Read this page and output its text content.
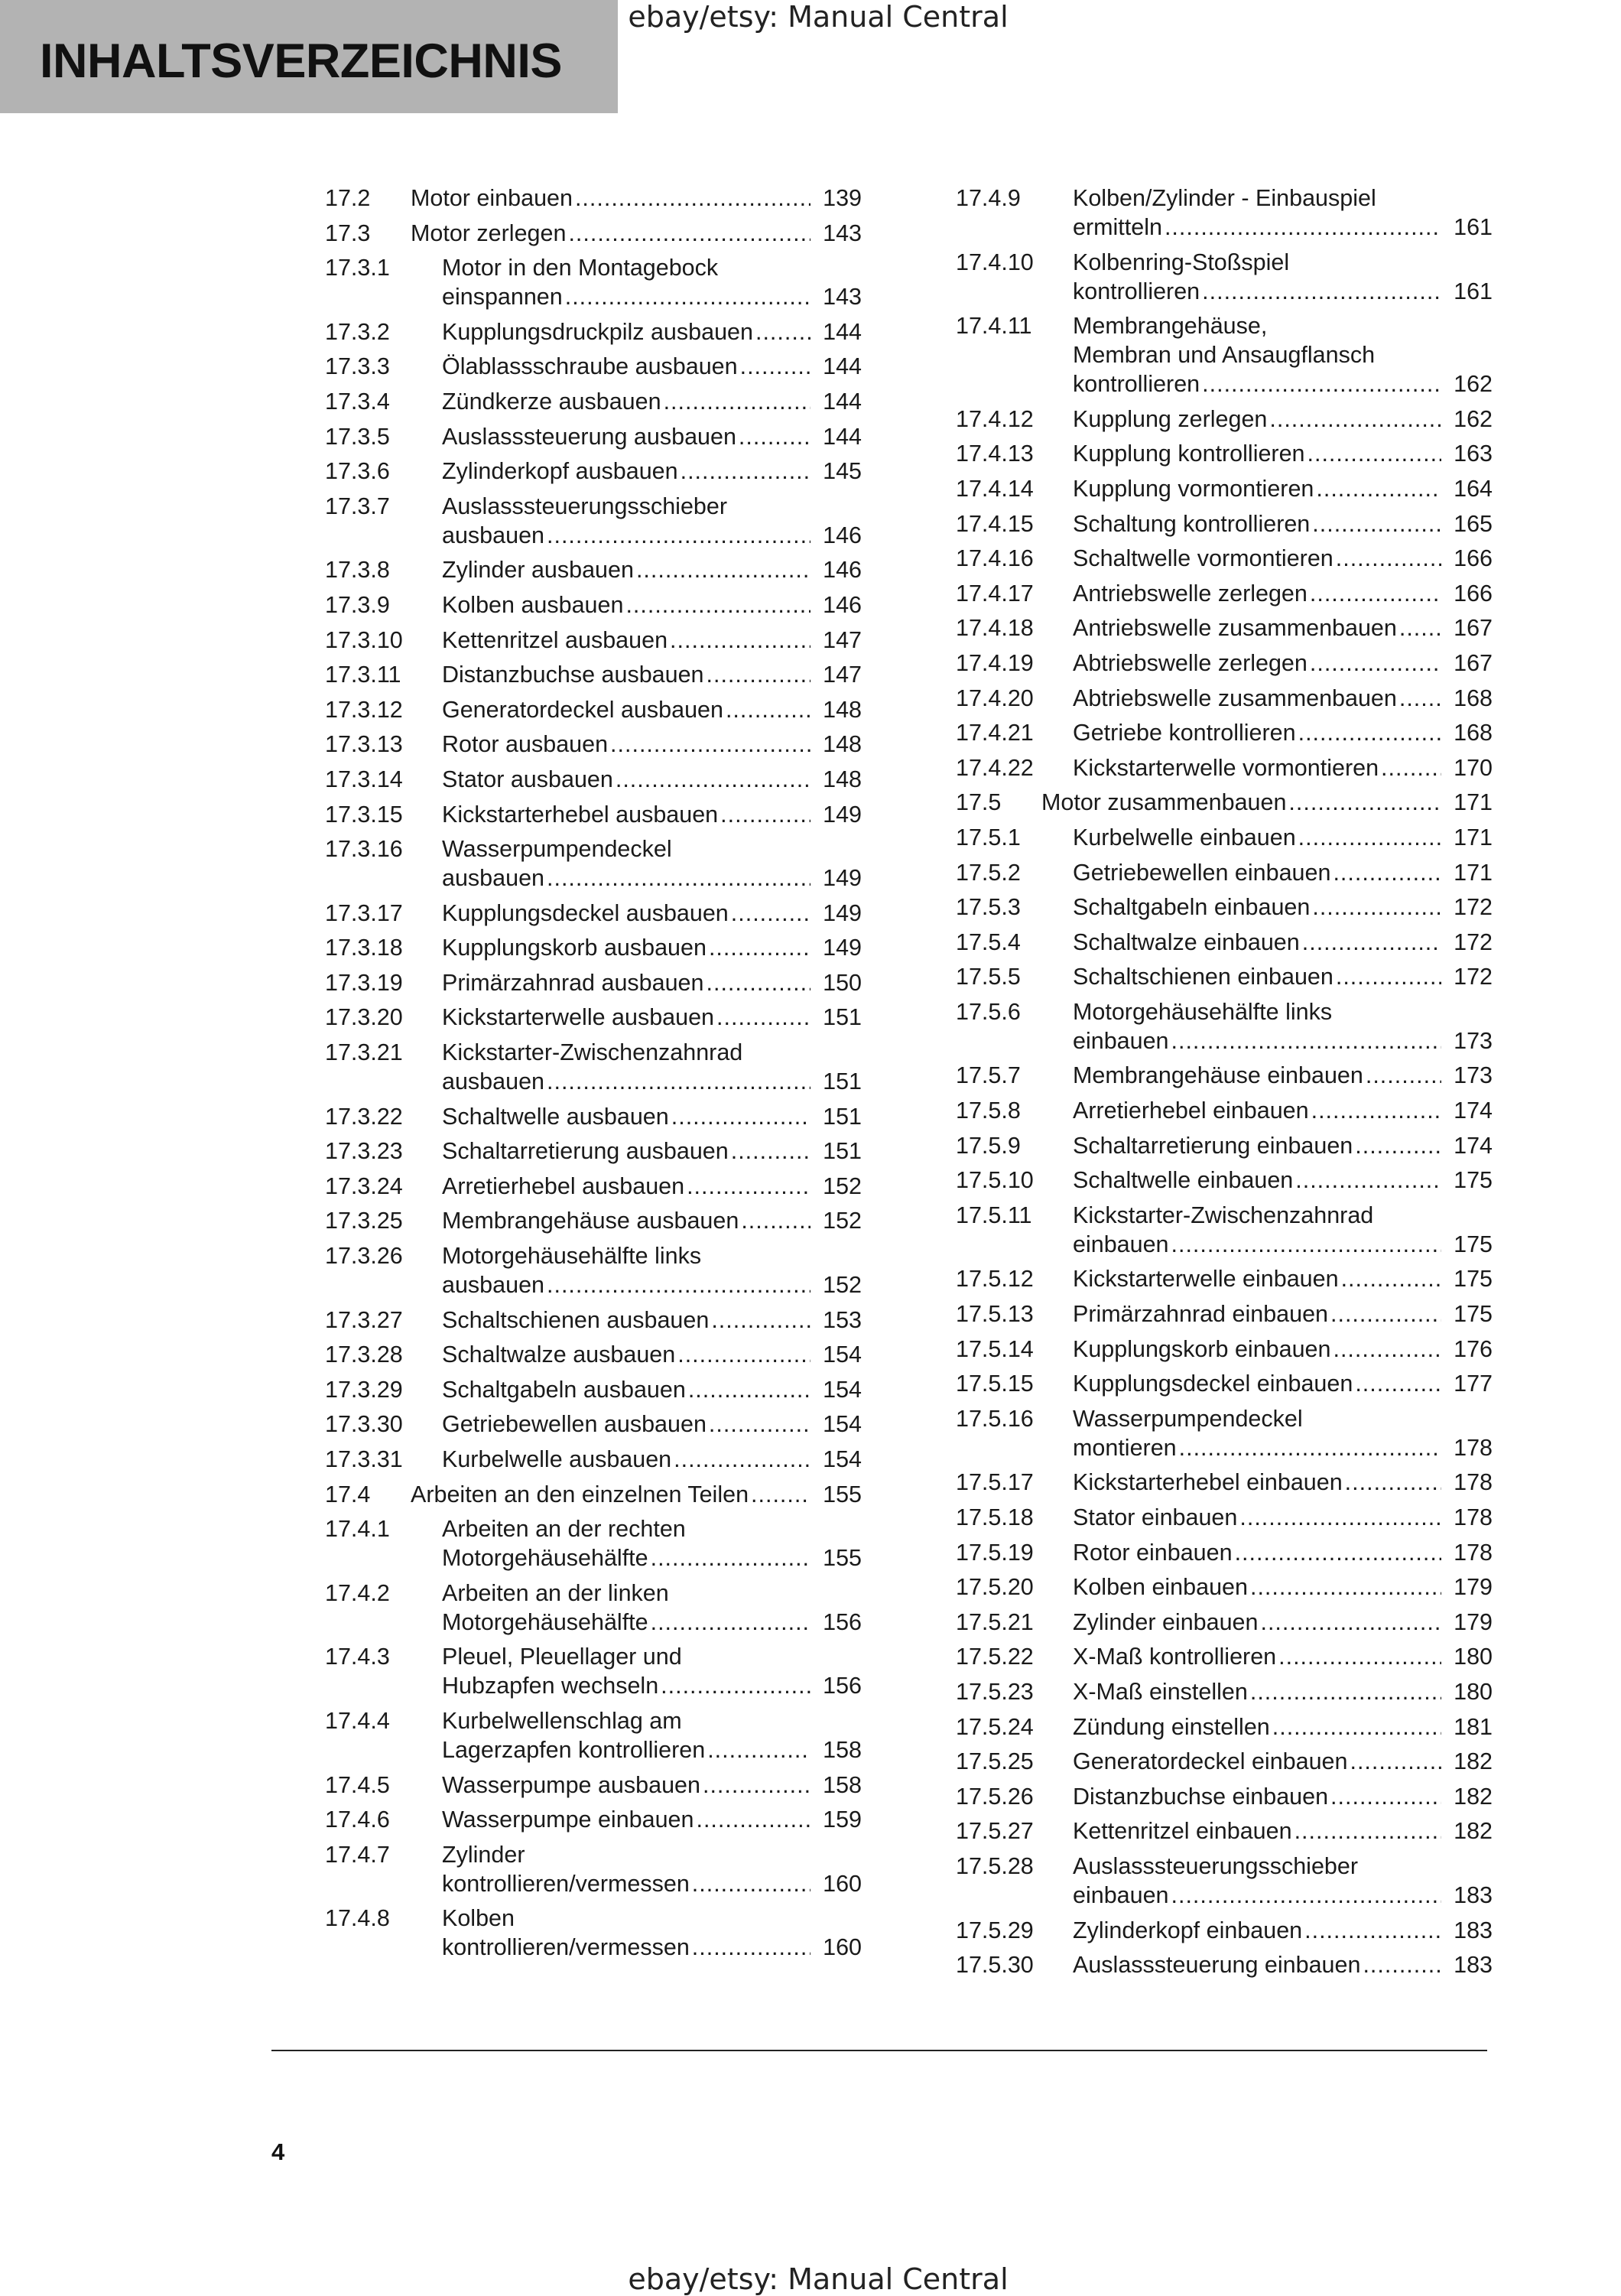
INHALTSVERZEICHNIS
ebay/etsy: Manual Central
17.2 Motor einbauen .....	139
17.3 Motor zerlegen .....	143
17.3.1 Motor in den Montagebock
einspannen .....	143
17.3.2 Kupplungsdruckpilz ausbauen .....	144
17.3.3 Ölablassschraube ausbauen .....	144
17.3.4 Zündkerze ausbauen .....	144
17.3.5 Auslasssteuerung ausbauen .....	144
17.3.6 Zylinderkopf ausbauen .....	145
17.3.7 Auslasssteuerungsschieber
ausbauen .....	146
17.3.8 Zylinder ausbauen .....	146
17.3.9 Kolben ausbauen .....	146
17.3.10 Kettenritzel ausbauen .....	147
17.3.11 Distanzbuchse ausbauen .....	147
17.3.12 Generatordeckel ausbauen .....	148
17.3.13 Rotor ausbauen .....	148
17.3.14 Stator ausbauen .....	148
17.3.15 Kickstarterhebel ausbauen .....	149
17.3.16 Wasserpumpendeckel
ausbauen .....	149
17.3.17 Kupplungsdeckel ausbauen .....	149
17.3.18 Kupplungskorb ausbauen .....	149
17.3.19 Primärzahnrad ausbauen .....	150
17.3.20 Kickstarterwelle ausbauen .....	151
17.3.21 Kickstarter-Zwischenzahnrad
ausbauen .....	151
17.3.22 Schaltwelle ausbauen .....	151
17.3.23 Schaltarretierung ausbauen .....	151
17.3.24 Arretierhebel ausbauen .....	152
17.3.25 Membrangehäuse ausbauen .....	152
17.3.26 Motorgehäusehälfte links
ausbauen .....	152
17.3.27 Schaltschienen ausbauen .....	153
17.3.28 Schaltwalze ausbauen .....	154
17.3.29 Schaltgabeln ausbauen .....	154
17.3.30 Getriebewellen ausbauen .....	154
17.3.31 Kurbelwelle ausbauen .....	154
17.4 Arbeiten an den einzelnen Teilen .....	155
17.4.1 Arbeiten an der rechten
Motorgehäusehälfte .....	155
17.4.2 Arbeiten an der linken
Motorgehäusehälfte .....	156
17.4.3 Pleuel, Pleuellager und
Hubzapfen wechseln .....	156
17.4.4 Kurbelwellenschlag am
Lagerzapfen kontrollieren .....	158
17.4.5 Wasserpumpe ausbauen .....	158
17.4.6 Wasserpumpe einbauen .....	159
17.4.7 Zylinder
kontrollieren/vermessen .....	160
17.4.8 Kolben
kontrollieren/vermessen .....	160
17.4.9 Kolben/Zylinder - Einbauspiel
ermitteln .....	161
17.4.10 Kolbenring-Stoßspiel
kontrollieren .....	161
17.4.11 Membrangehäuse,
Membran und Ansaugflansch
kontrollieren .....	162
17.4.12 Kupplung zerlegen .....	162
17.4.13 Kupplung kontrollieren .....	163
17.4.14 Kupplung vormontieren .....	164
17.4.15 Schaltung kontrollieren .....	165
17.4.16 Schaltwelle vormontieren .....	166
17.4.17 Antriebswelle zerlegen .....	166
17.4.18 Antriebswelle zusammenbauen .....	167
17.4.19 Abtriebswelle zerlegen .....	167
17.4.20 Abtriebswelle zusammenbauen .....	168
17.4.21 Getriebe kontrollieren .....	168
17.4.22 Kickstarterwelle vormontieren .....	170
17.5 Motor zusammenbauen .....	171
17.5.1 Kurbelwelle einbauen .....	171
17.5.2 Getriebewellen einbauen .....	171
17.5.3 Schaltgabeln einbauen .....	172
17.5.4 Schaltwalze einbauen .....	172
17.5.5 Schaltschienen einbauen .....	172
17.5.6 Motorgehäusehälfte links
einbauen .....	173
17.5.7 Membrangehäuse einbauen .....	173
17.5.8 Arretierhebel einbauen .....	174
17.5.9 Schaltarretierung einbauen .....	174
17.5.10 Schaltwelle einbauen .....	175
17.5.11 Kickstarter-Zwischenzahnrad
einbauen .....	175
17.5.12 Kickstarterwelle einbauen .....	175
17.5.13 Primärzahnrad einbauen .....	175
17.5.14 Kupplungskorb einbauen .....	176
17.5.15 Kupplungsdeckel einbauen .....	177
17.5.16 Wasserpumpendeckel
montieren .....	178
17.5.17 Kickstarterhebel einbauen .....	178
17.5.18 Stator einbauen .....	178
17.5.19 Rotor einbauen .....	178
17.5.20 Kolben einbauen .....	179
17.5.21 Zylinder einbauen .....	179
17.5.22 X-Maß kontrollieren .....	180
17.5.23 X-Maß einstellen .....	180
17.5.24 Zündung einstellen .....	181
17.5.25 Generatordeckel einbauen .....	182
17.5.26 Distanzbuchse einbauen .....	182
17.5.27 Kettenritzel einbauen .....	182
17.5.28 Auslasssteuerungsschieber
einbauen .....	183
17.5.29 Zylinderkopf einbauen .....	183
17.5.30 Auslasssteuerung einbauen .....	183
4
ebay/etsy: Manual Central
